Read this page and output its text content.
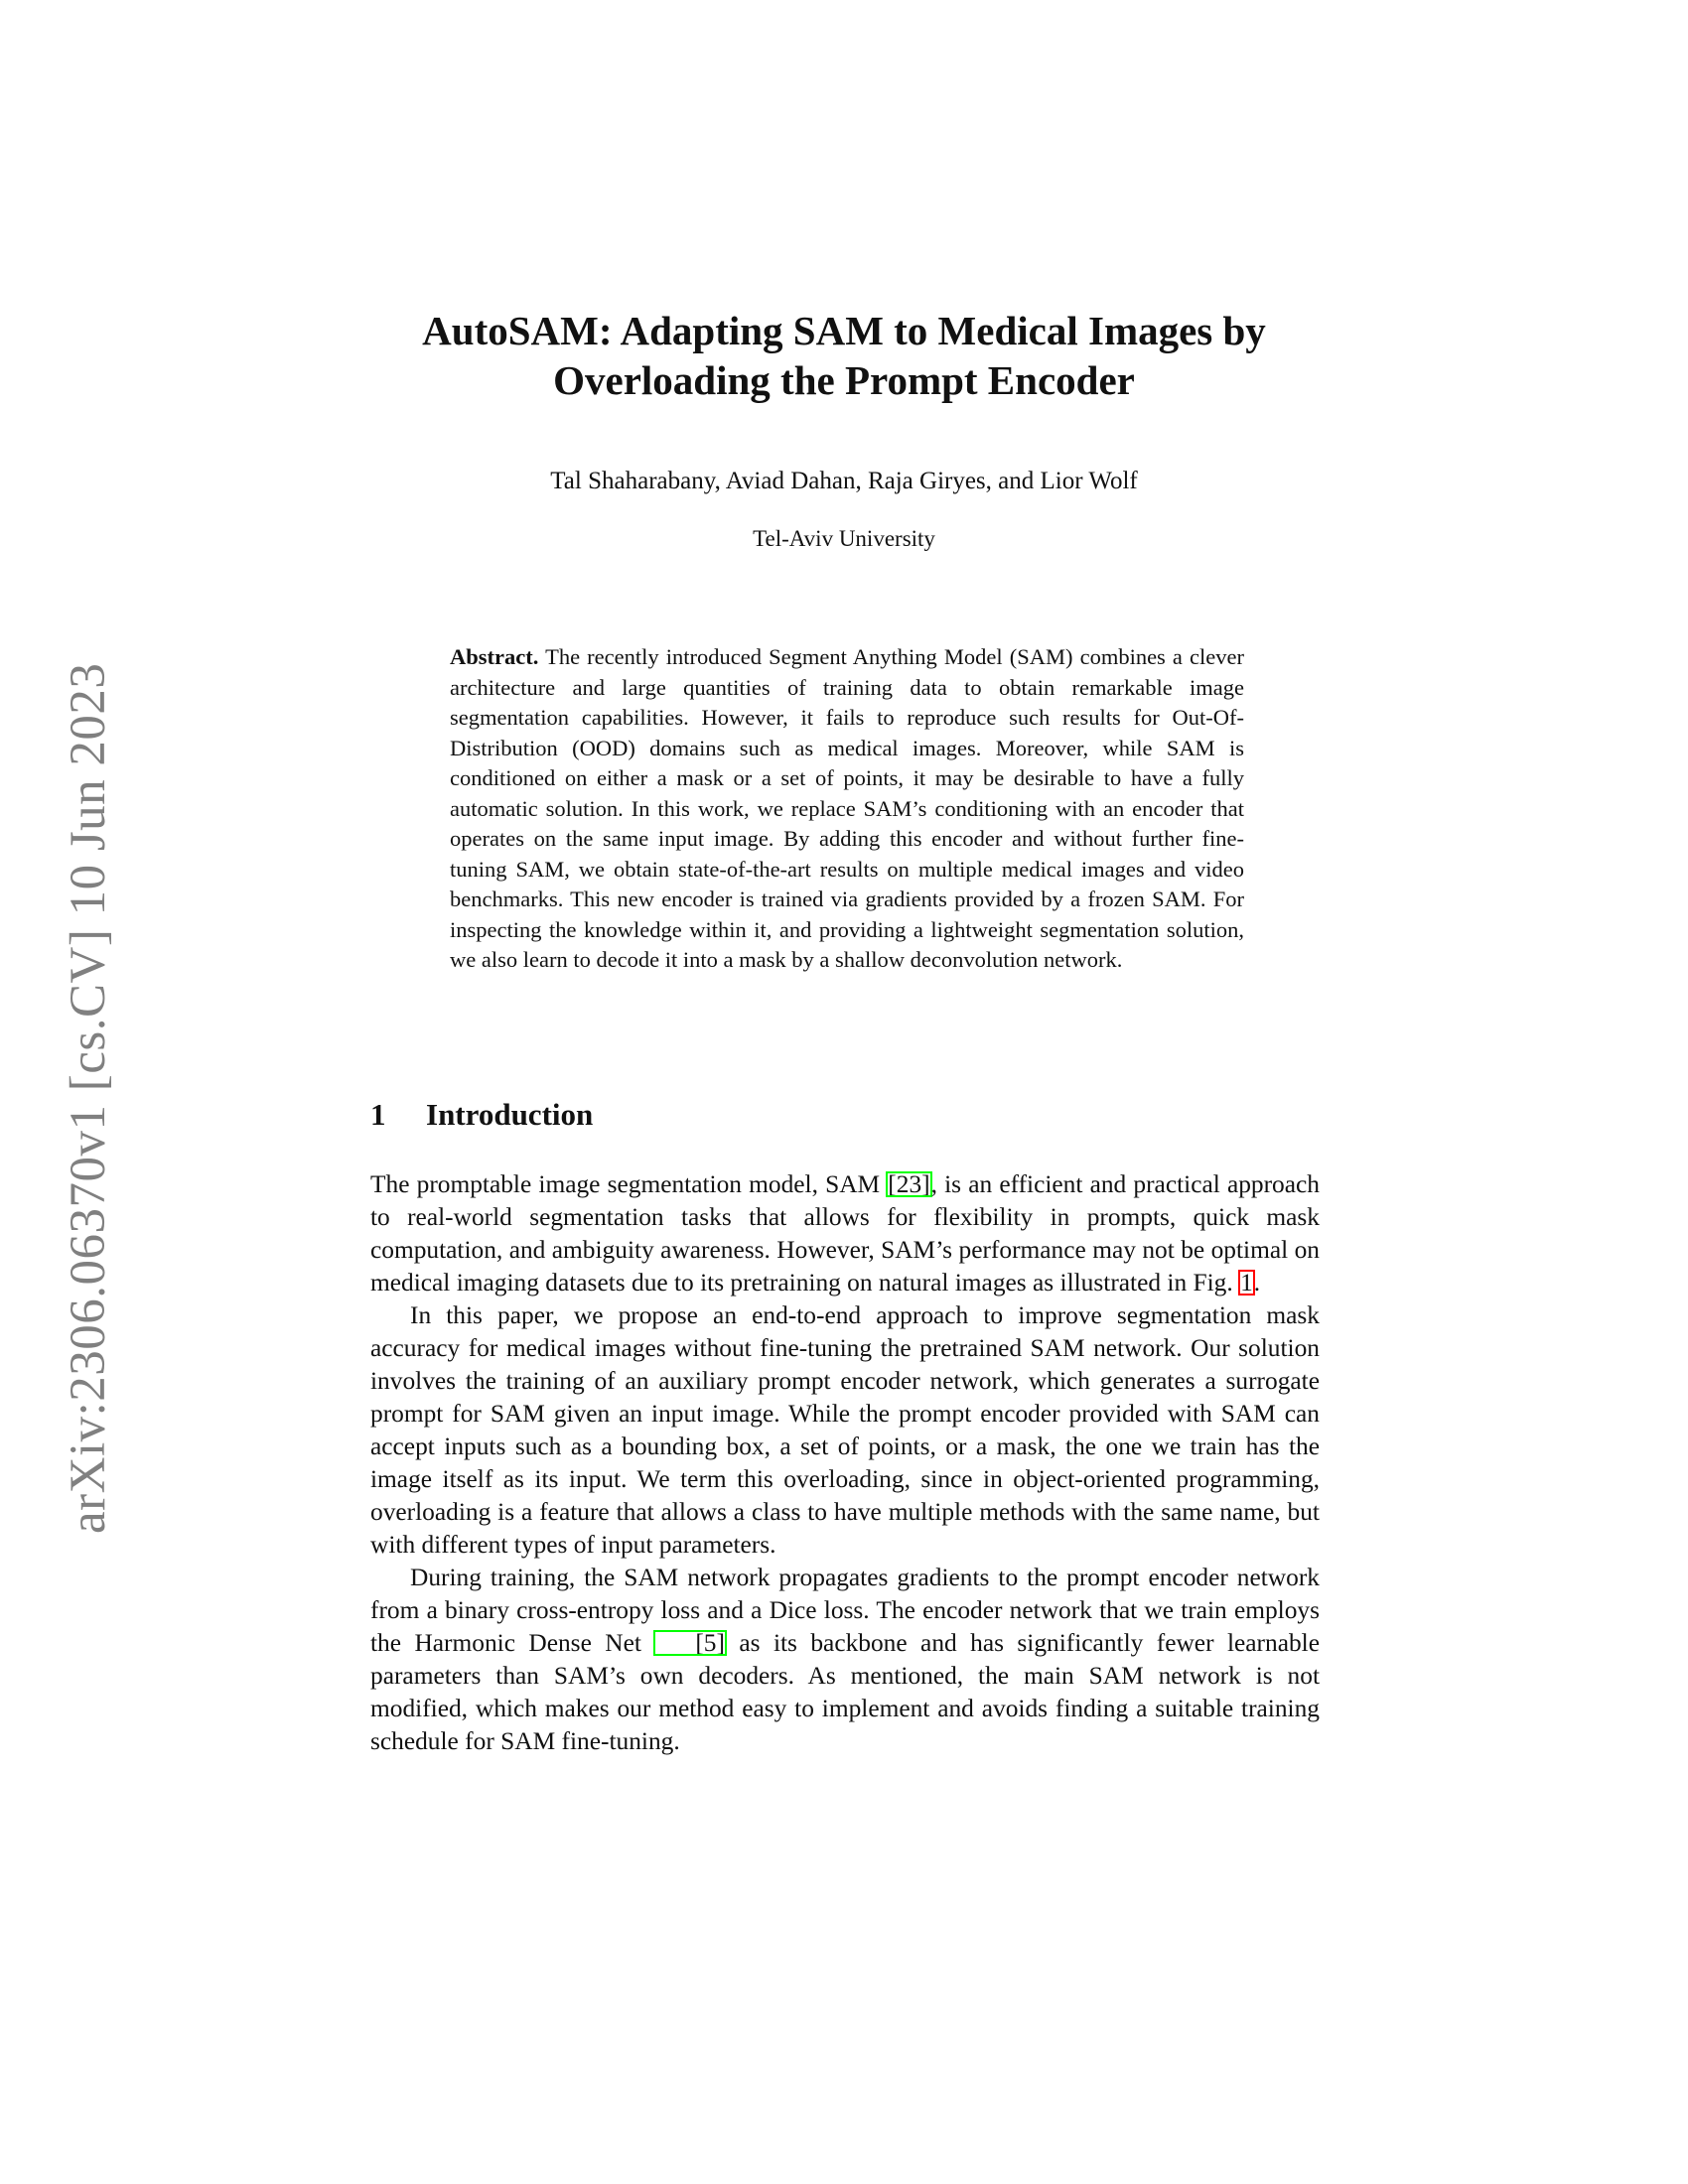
arXiv:2306.06370v1 [cs.CV] 10 Jun 2023
AutoSAM: Adapting SAM to Medical Images by
Overloading the Prompt Encoder
Tal Shaharabany, Aviad Dahan, Raja Giryes, and Lior Wolf
Tel-Aviv University
Abstract. The recently introduced Segment Anything Model (SAM) combines a clever architecture and large quantities of training data to obtain remarkable image segmentation capabilities. However, it fails to reproduce such results for Out-Of-Distribution (OOD) domains such as medical images. Moreover, while SAM is conditioned on either a mask or a set of points, it may be desirable to have a fully automatic solution. In this work, we replace SAM’s conditioning with an encoder that operates on the same input image. By adding this encoder and without further fine-tuning SAM, we obtain state-of-the-art results on multiple medical images and video benchmarks. This new encoder is trained via gradients provided by a frozen SAM. For inspecting the knowledge within it, and providing a lightweight segmentation solution, we also learn to decode it into a mask by a shallow deconvolution network.
1 Introduction

The promptable image segmentation model, SAM [23], is an efficient and practical approach to real-world segmentation tasks that allows for flexibility in prompts, quick mask computation, and ambiguity awareness. However, SAM’s performance may not be optimal on medical imaging datasets due to its pretraining on natural images as illustrated in Fig. 1.

In this paper, we propose an end-to-end approach to improve segmentation mask accuracy for medical images without fine-tuning the pretrained SAM network. Our solution involves the training of an auxiliary prompt encoder network, which generates a surrogate prompt for SAM given an input image. While the prompt encoder provided with SAM can accept inputs such as a bounding box, a set of points, or a mask, the one we train has the image itself as its input. We term this overloading, since in object-oriented programming, overloading is a feature that allows a class to have multiple methods with the same name, but with different types of input parameters.

During training, the SAM network propagates gradients to the prompt encoder network from a binary cross-entropy loss and a Dice loss. The encoder network that we train employs the Harmonic Dense Net [5] as its backbone and has significantly fewer learnable parameters than SAM’s own decoders. As mentioned, the main SAM network is not modified, which makes our method easy to implement and avoids finding a suitable training schedule for SAM fine-tuning.
